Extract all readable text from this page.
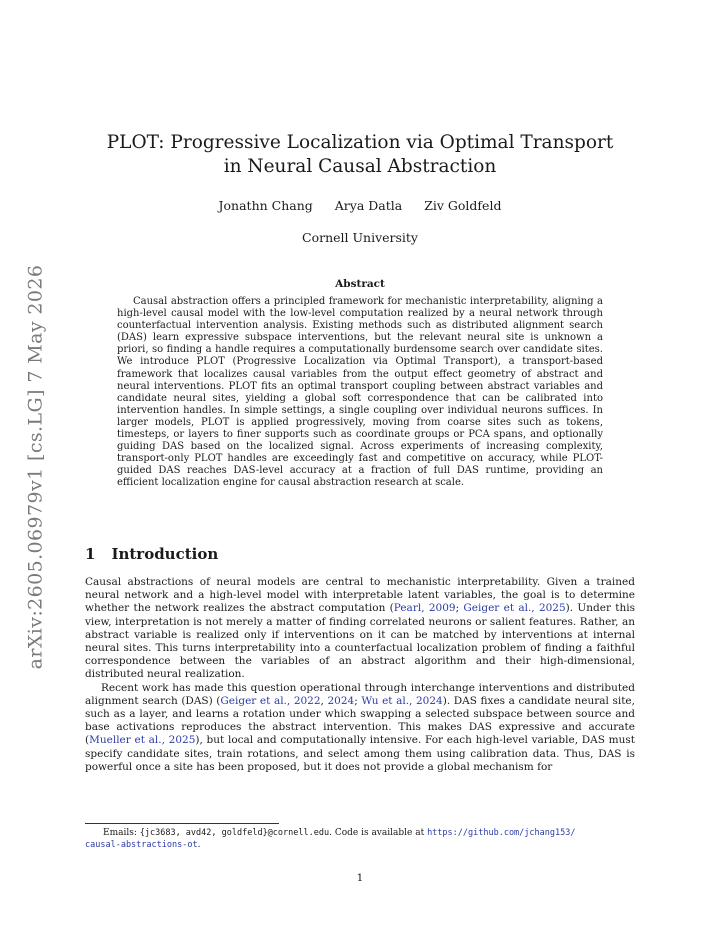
arXiv:2605.06979v1 [cs.LG] 7 May 2026
PLOT: Progressive Localization via Optimal Transport
in Neural Causal Abstraction
Jonathn Chang Arya Datla Ziv Goldfeld
Cornell University
Abstract

Causal abstraction offers a principled framework for mechanistic interpretability, aligning a high-level causal model with the low-level computation realized by a neural network through counterfactual intervention analysis. Existing methods such as distributed alignment search (DAS) learn expressive subspace interventions, but the relevant neural site is unknown a priori, so finding a handle requires a computationally burdensome search over candidate sites. We introduce PLOT (Progressive Localization via Optimal Transport), a transport-based framework that localizes causal variables from the output effect geometry of abstract and neural interventions. PLOT fits an optimal transport coupling between abstract variables and candidate neural sites, yielding a global soft correspondence that can be calibrated into intervention handles. In simple settings, a single coupling over individual neurons suffices. In larger models, PLOT is applied progressively, moving from coarse sites such as tokens, timesteps, or layers to finer supports such as coordinate groups or PCA spans, and optionally guiding DAS based on the localized signal. Across experiments of increasing complexity, transport-only PLOT handles are exceedingly fast and competitive on accuracy, while PLOT-guided DAS reaches DAS-level accuracy at a fraction of full DAS runtime, providing an efficient localization engine for causal abstraction research at scale.

1 Introduction

Causal abstractions of neural models are central to mechanistic interpretability. Given a trained neural network and a high-level model with interpretable latent variables, the goal is to determine whether the network realizes the abstract computation (Pearl, 2009; Geiger et al., 2025). Under this view, interpretation is not merely a matter of finding correlated neurons or salient features. Rather, an abstract variable is realized only if interventions on it can be matched by interventions at internal neural sites. This turns interpretability into a counterfactual localization problem of finding a faithful correspondence between the variables of an abstract algorithm and their high-dimensional, distributed neural realization.

Recent work has made this question operational through interchange interventions and distributed alignment search (DAS) (Geiger et al., 2022, 2024; Wu et al., 2024). DAS fixes a candidate neural site, such as a layer, and learns a rotation under which swapping a selected subspace between source and base activations reproduces the abstract intervention. This makes DAS expressive and accurate (Mueller et al., 2025), but local and computationally intensive. For each high-level variable, DAS must specify candidate sites, train rotations, and select among them using calibration data. Thus, DAS is powerful once a site has been proposed, but it does not provide a global mechanism for

Emails: {jc3683, avd42, goldfeld}@cornell.edu. Code is available at https://github.com/jchang153/
causal-abstractions-ot.
1
